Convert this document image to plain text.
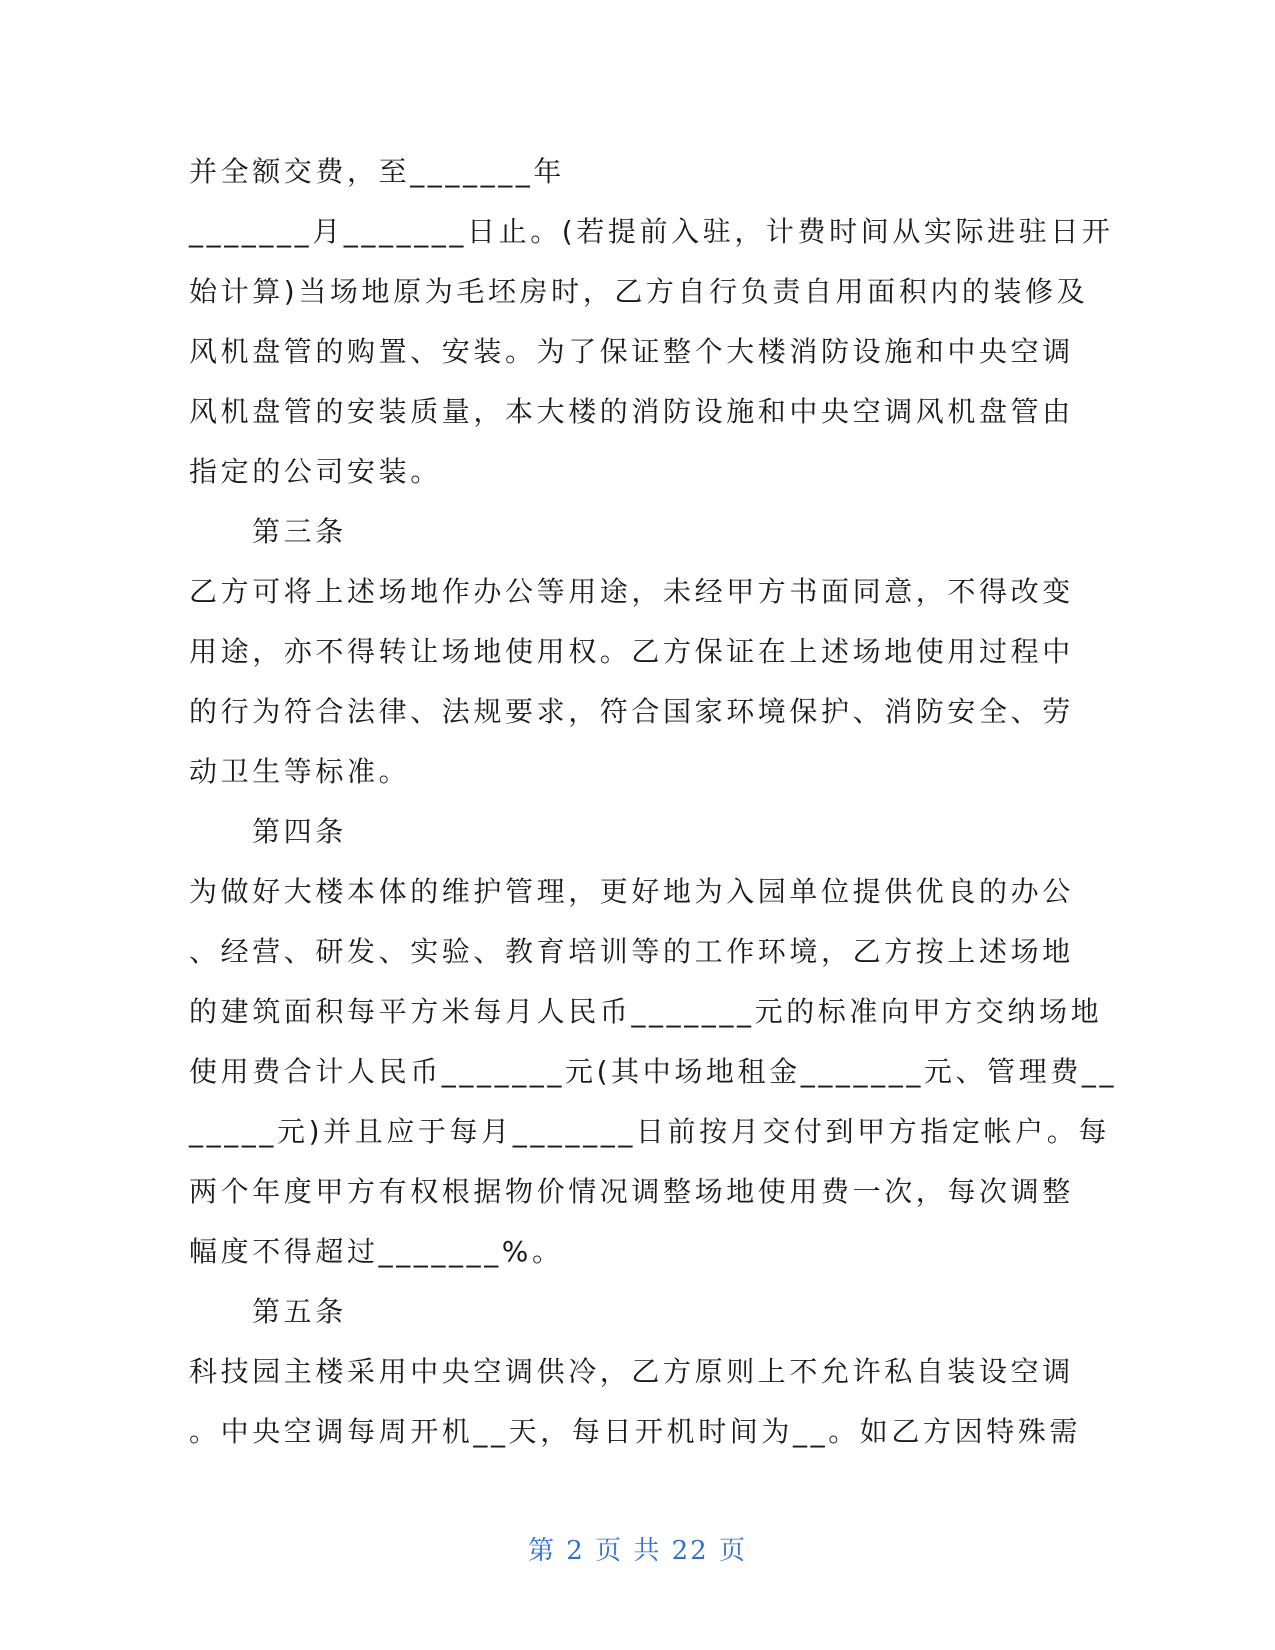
并全额交费，至_______年
_______月_______日止。(若提前入驻，计费时间从实际进驻日开
始计算)当场地原为毛坯房时，乙方自行负责自用面积内的装修及
风机盘管的购置、安装。为了保证整个大楼消防设施和中央空调
风机盘管的安装质量，本大楼的消防设施和中央空调风机盘管由
指定的公司安装。
第三条
乙方可将上述场地作办公等用途，未经甲方书面同意，不得改变
用途，亦不得转让场地使用权。乙方保证在上述场地使用过程中
的行为符合法律、法规要求，符合国家环境保护、消防安全、劳
动卫生等标准。
第四条
为做好大楼本体的维护管理，更好地为入园单位提供优良的办公
、经营、研发、实验、教育培训等的工作环境，乙方按上述场地
的建筑面积每平方米每月人民币_______元的标准向甲方交纳场地
使用费合计人民币_______元(其中场地租金_______元、管理费__
_____元)并且应于每月_______日前按月交付到甲方指定帐户。每
两个年度甲方有权根据物价情况调整场地使用费一次，每次调整
幅度不得超过_______%。
第五条
科技园主楼采用中央空调供冷，乙方原则上不允许私自装设空调
。中央空调每周开机__天，每日开机时间为__。如乙方因特殊需
第 2 页 共 22 页
